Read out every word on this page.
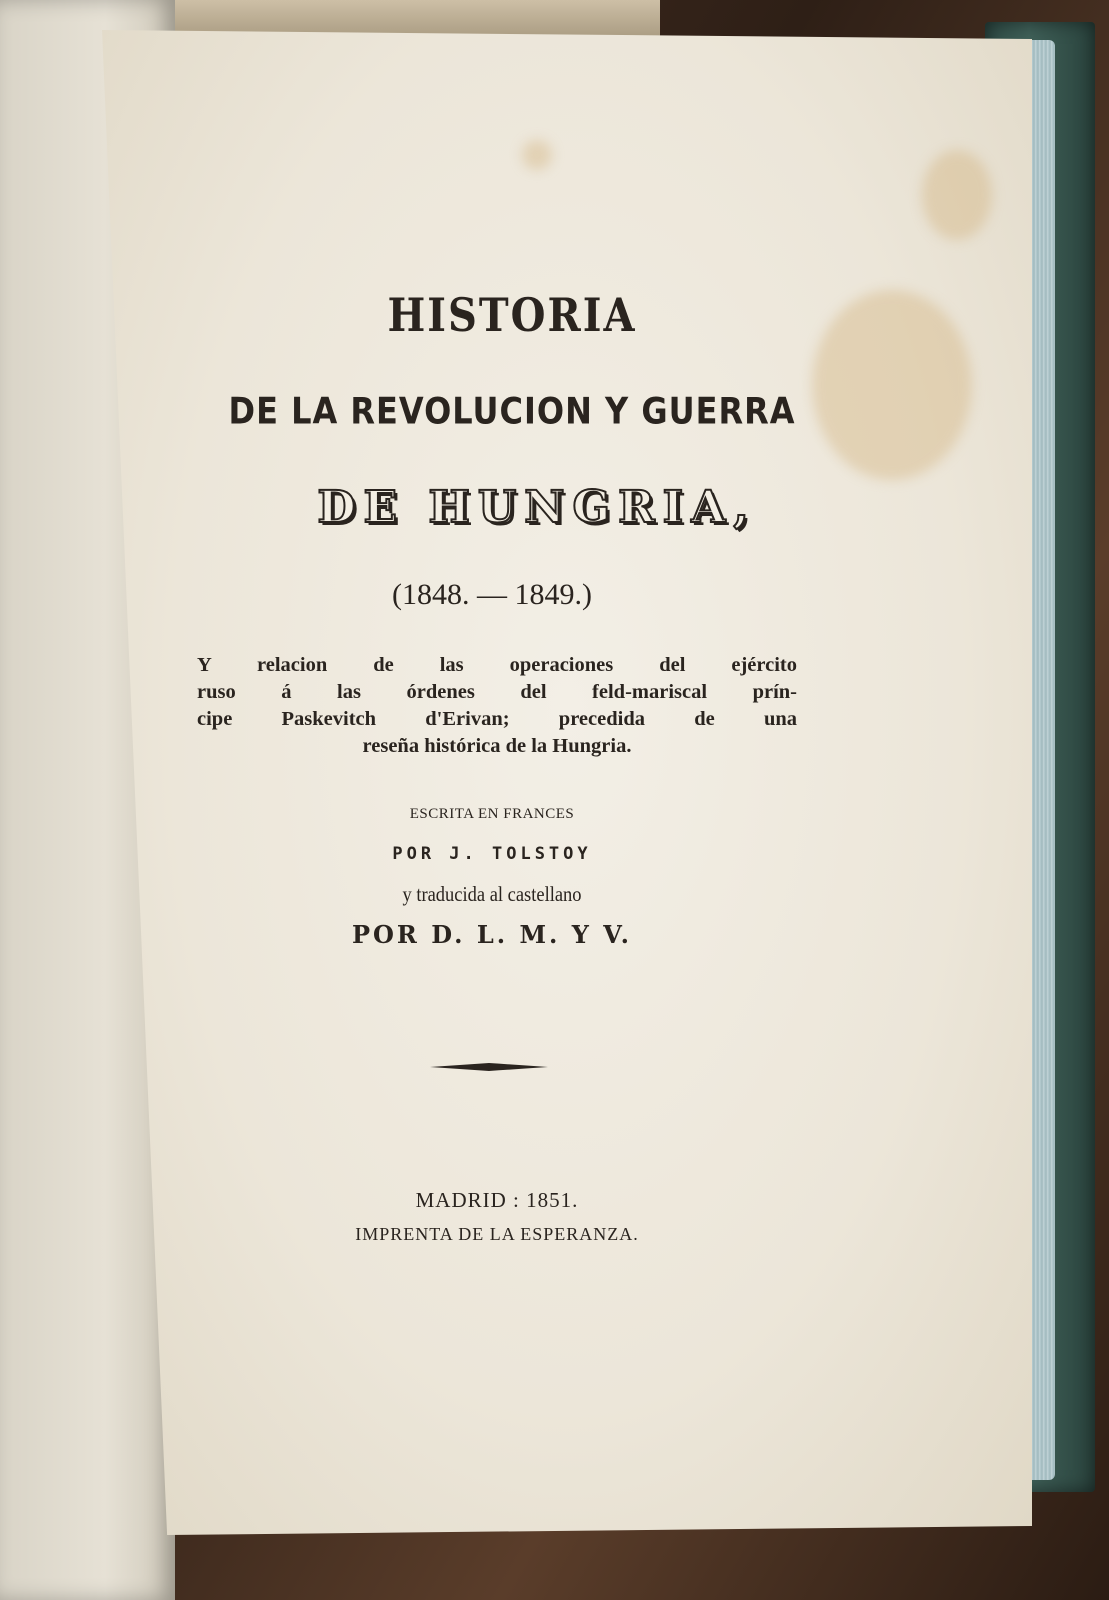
HISTORIA
DE LA REVOLUCION Y GUERRA
DE HUNGRIA,
(1848. — 1849.)
Y relacion de las operaciones del ejército
ruso á las órdenes del feld-mariscal prín-
cipe Paskevitch d'Erivan; precedida de una
reseña histórica de la Hungria.
ESCRITA EN FRANCES
POR J. TOLSTOY
y traducida al castellano
POR D. L. M. Y V.
MADRID : 1851.
IMPRENTA DE LA ESPERANZA.
